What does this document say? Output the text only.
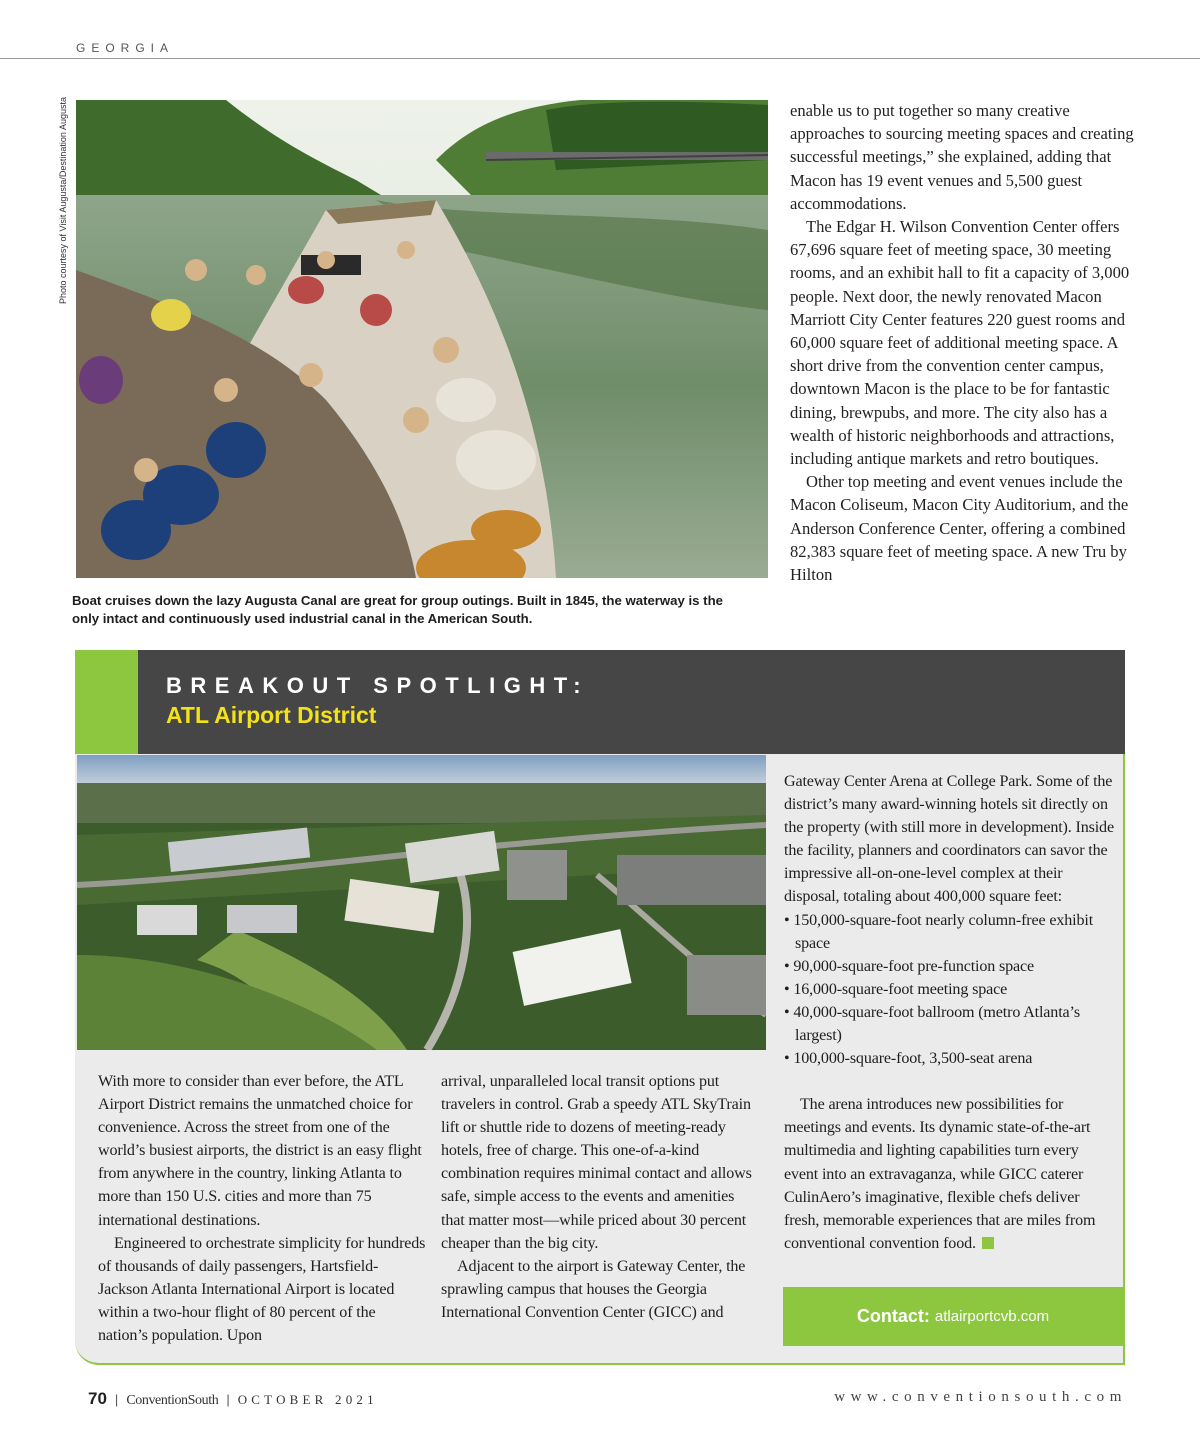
GEORGIA
Photo courtesy of Visit Augusta/Destination Augusta
Boat cruises down the lazy Augusta Canal are great for group outings. Built in 1845, the waterway is the only intact and continuously used industrial canal in the American South.

enable us to put together so many creative approaches to sourcing meeting spaces and creating successful meetings,” she explained, adding that Macon has 19 event venues and 5,500 guest accommodations.

The Edgar H. Wilson Convention Center offers 67,696 square feet of meeting space, 30 meeting rooms, and an exhibit hall to fit a capacity of 3,000 people. Next door, the newly renovated Macon Marriott City Center features 220 guest rooms and 60,000 square feet of additional meeting space. A short drive from the convention center campus, downtown Macon is the place to be for fantastic dining, brewpubs, and more. The city also has a wealth of historic neighborhoods and attractions, including antique markets and retro boutiques.

Other top meeting and event venues include the Macon Coliseum, Macon City Auditorium, and the Anderson Conference Center, offering a combined 82,383 square feet of meeting space. A new Tru by Hilton

BREAKOUT SPOTLIGHT:
ATL Airport District

With more to consider than ever before, the ATL Airport District remains the unmatched choice for convenience. Across the street from one of the world’s busiest airports, the district is an easy flight from anywhere in the country, linking Atlanta to more than 150 U.S. cities and more than 75 international destinations.

Engineered to orchestrate simplicity for hundreds of thousands of daily passengers, Hartsfield-Jackson Atlanta International Airport is located within a two-hour flight of 80 percent of the nation’s population. Upon

arrival, unparalleled local transit options put travelers in control. Grab a speedy ATL SkyTrain lift or shuttle ride to dozens of meeting-ready hotels, free of charge. This one-of-a-kind combination requires minimal contact and allows safe, simple access to the events and amenities that matter most—while priced about 30 percent cheaper than the big city.

Adjacent to the airport is Gateway Center, the sprawling campus that houses the Georgia International Convention Center (GICC) and

Gateway Center Arena at College Park. Some of the district’s many award-winning hotels sit directly on the property (with still more in development). Inside the facility, planners and coordinators can savor the impressive all-on-one-level complex at their disposal, totaling about 400,000 square feet:

• 150,000-square-foot nearly column-free exhibit space
• 90,000-square-foot pre-function space
• 16,000-square-foot meeting space
• 40,000-square-foot ballroom (metro Atlanta’s largest)
• 100,000-square-foot, 3,500-seat arena

The arena introduces new possibilities for meetings and events. Its dynamic state-of-the-art multimedia and lighting capabilities turn every event into an extravaganza, while GICC caterer CulinAero’s imaginative, flexible chefs deliver fresh, memorable experiences that are miles from conventional convention food.

Contact: atlairportcvb.com
70 | ConventionSouth | OCTOBER 2021	www.conventionsouth.com
